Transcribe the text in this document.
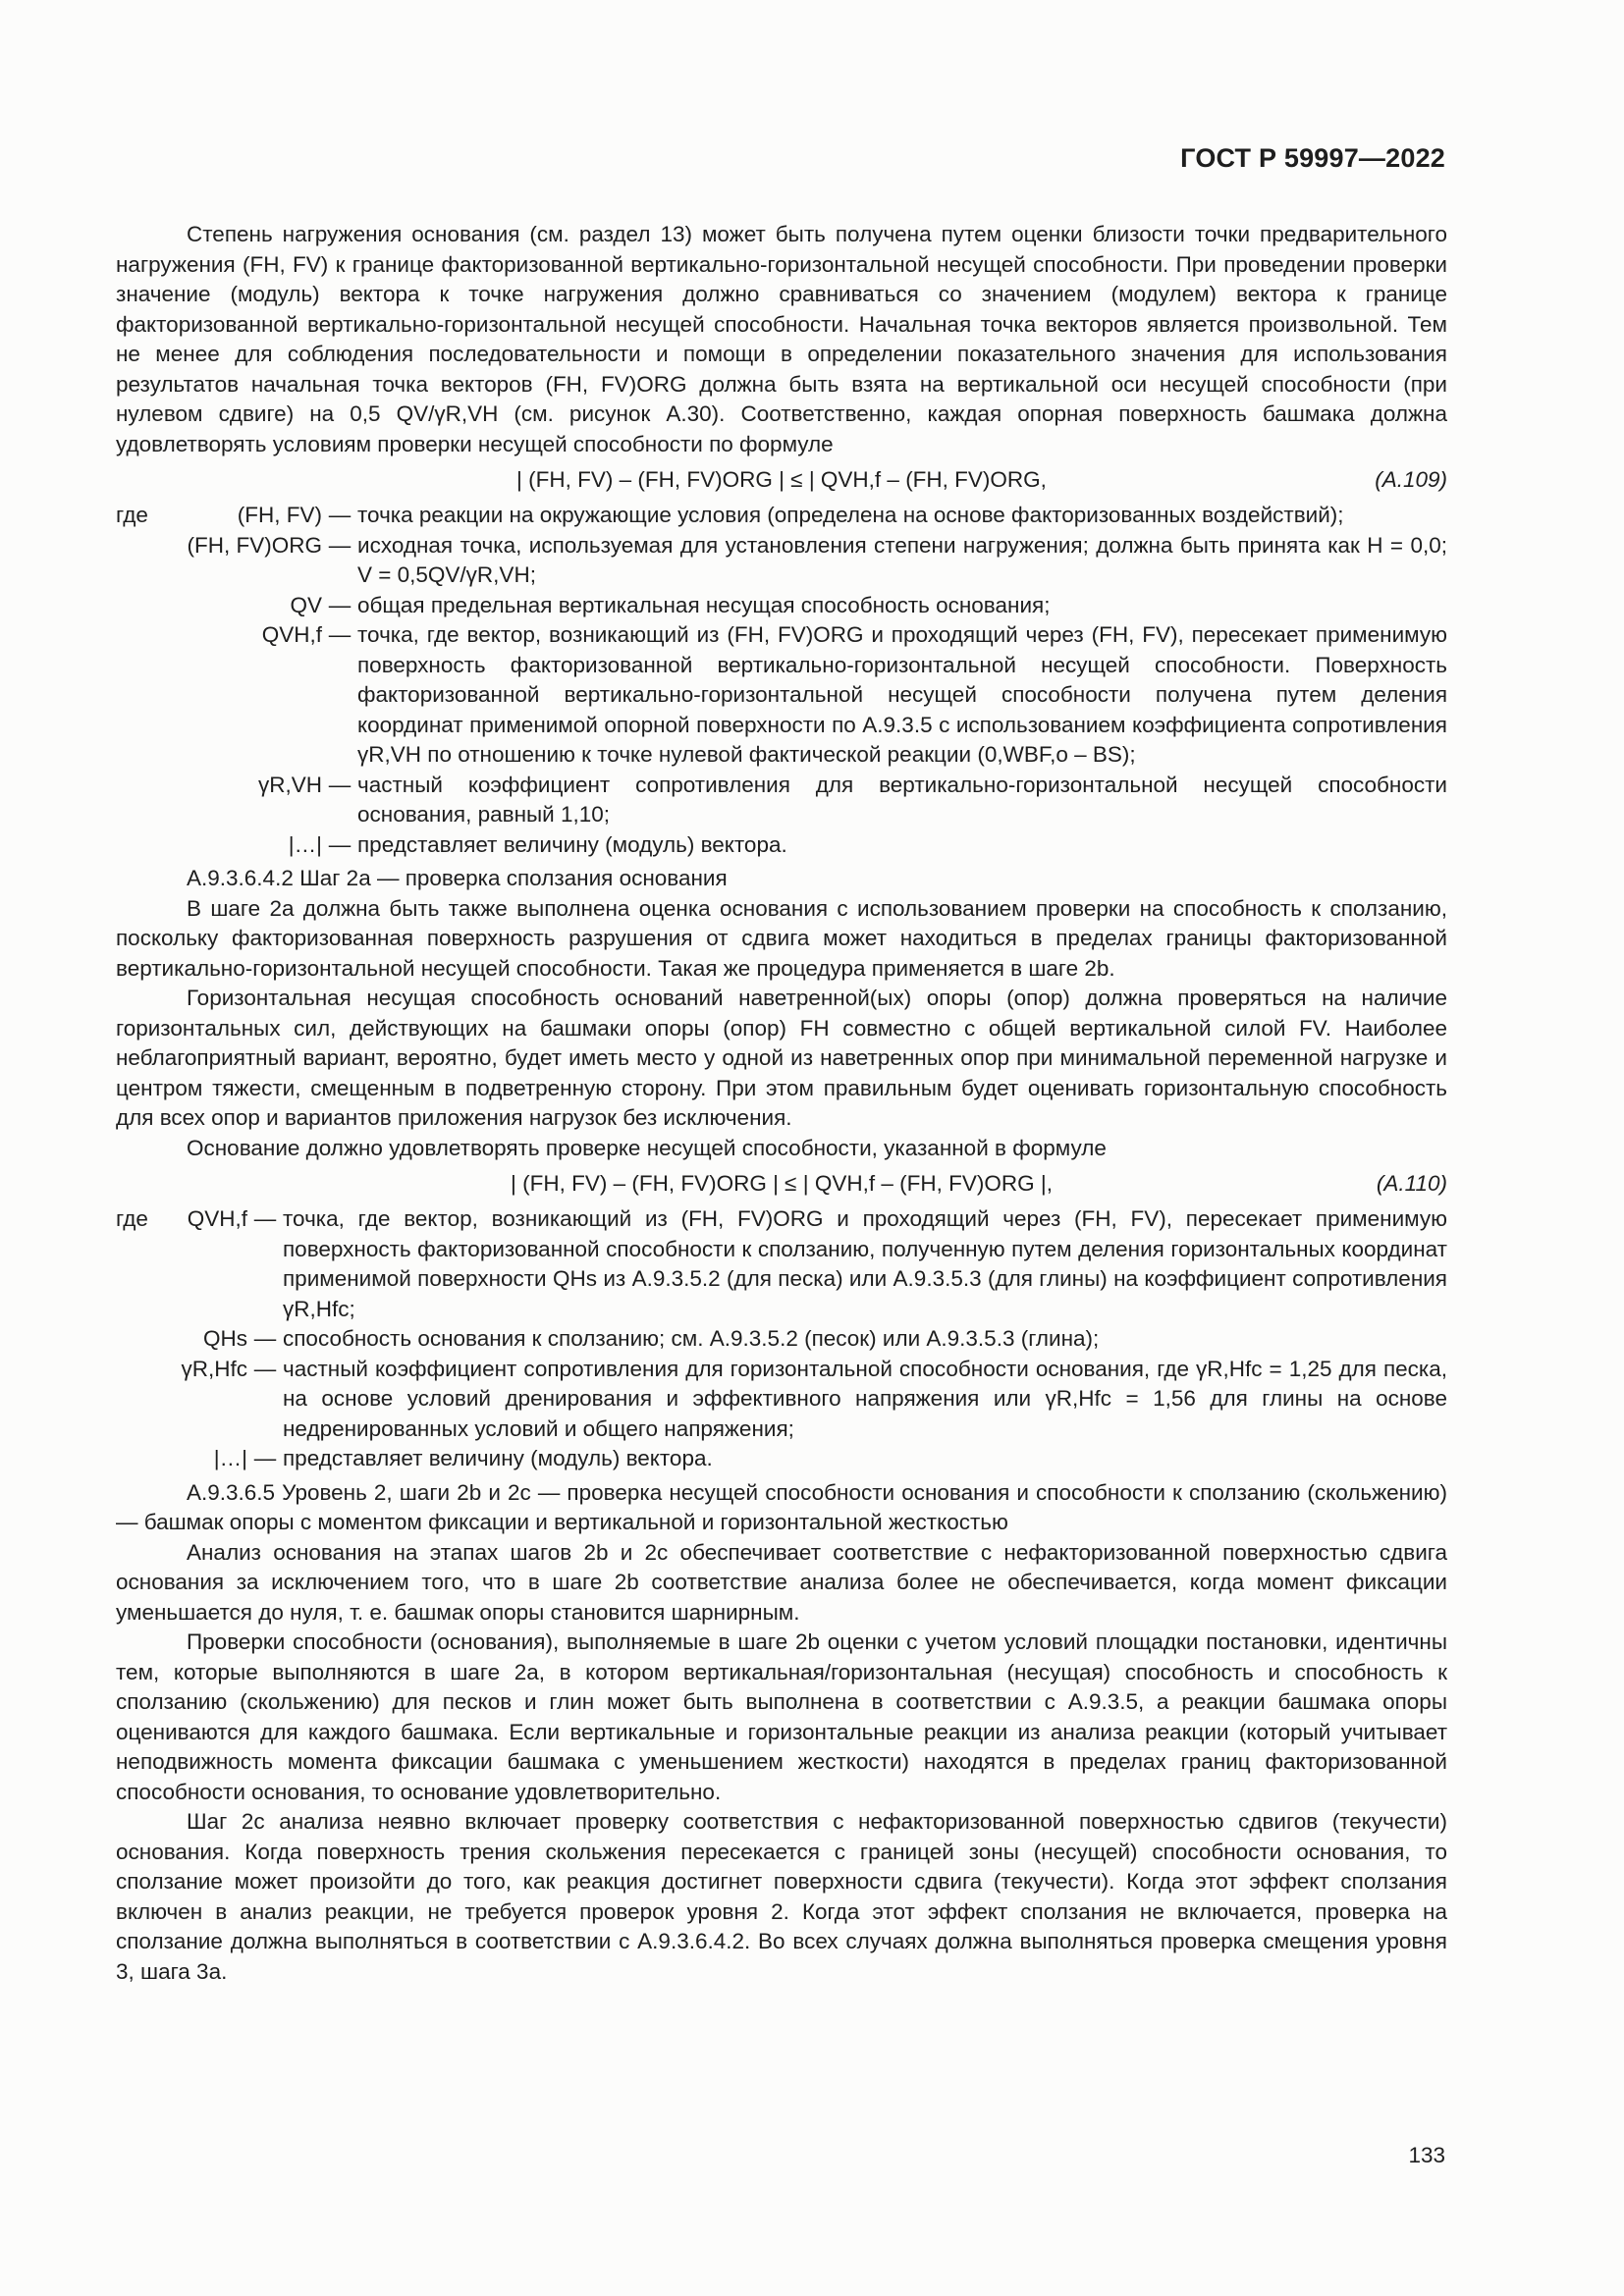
ГОСТ Р 59997—2022

Степень нагружения основания (см. раздел 13) может быть получена путем оценки близости точки предварительного нагружения (FH, FV) к границе факторизованной вертикально-горизонтальной несущей способности. При проведении проверки значение (модуль) вектора к точке нагружения должно сравниваться со значением (модулем) вектора к границе факторизованной вертикально-горизонтальной несущей способности. Начальная точка векторов является произвольной. Тем не менее для соблюдения последовательности и помощи в определении показательного значения для использования результатов начальная точка векторов (FH, FV)ORG должна быть взята на вертикальной оси несущей способности (при нулевом сдвиге) на 0,5 QV/γR,VH (см. рисунок А.30). Соответственно, каждая опорная поверхность башмака должна удовлетворять условиям проверки несущей способности по формуле

| (FH, FV) – (FH, FV)ORG | ≤ | QVH,f – (FH, FV)ORG,	(А.109)
где	(FH, FV) — точка реакции на окружающие условия (определена на основе факторизованных воздействий);
(FH, FV)ORG — исходная точка, используемая для установления степени нагружения; должна быть принята как H = 0,0; V = 0,5QV/γR,VH;
QV — общая предельная вертикальная несущая способность основания;
QVH,f — точка, где вектор, возникающий из (FH, FV)ORG и проходящий через (FH, FV), пересекает применимую поверхность факторизованной вертикально-горизонтальной несущей способности. Поверхность факторизованной вертикально-горизонтальной несущей способности получена путем деления координат применимой опорной поверхности по А.9.3.5 с использованием коэффициента сопротивления γR,VH по отношению к точке нулевой фактической реакции (0,WBF,o – BS);
γR,VH — частный коэффициент сопротивления для вертикально-горизонтальной несущей способности основания, равный 1,10;
|…| — представляет величину (модуль) вектора.

А.9.3.6.4.2 Шаг 2a — проверка сползания основания

В шаге 2a должна быть также выполнена оценка основания с использованием проверки на способность к сползанию, поскольку факторизованная поверхность разрушения от сдвига может находиться в пределах границы факторизованной вертикально-горизонтальной несущей способности. Такая же процедура применяется в шаге 2b.

Горизонтальная несущая способность оснований наветренной(ых) опоры (опор) должна проверяться на наличие горизонтальных сил, действующих на башмаки опоры (опор) FH совместно с общей вертикальной силой FV. Наиболее неблагоприятный вариант, вероятно, будет иметь место у одной из наветренных опор при минимальной переменной нагрузке и центром тяжести, смещенным в подветренную сторону. При этом правильным будет оценивать горизонтальную способность для всех опор и вариантов приложения нагрузок без исключения.

Основание должно удовлетворять проверке несущей способности, указанной в формуле

| (FH, FV) – (FH, FV)ORG | ≤ | QVH,f – (FH, FV)ORG |,	(А.110)
где	QVH,f — точка, где вектор, возникающий из (FH, FV)ORG и проходящий через (FH, FV), пересекает применимую поверхность факторизованной способности к сползанию, полученную путем деления горизонтальных координат применимой поверхности QHs из А.9.3.5.2 (для песка) или А.9.3.5.3 (для глины) на коэффициент сопротивления γR,Hfc;
QHs — способность основания к сползанию; см. А.9.3.5.2 (песок) или А.9.3.5.3 (глина);
γR,Hfc — частный коэффициент сопротивления для горизонтальной способности основания, где γR,Hfc = 1,25 для песка, на основе условий дренирования и эффективного напряжения или γR,Hfc = 1,56 для глины на основе недренированных условий и общего напряжения;
|…| — представляет величину (модуль) вектора.

А.9.3.6.5 Уровень 2, шаги 2b и 2c — проверка несущей способности основания и способности к сползанию (скольжению) — башмак опоры с моментом фиксации и вертикальной и горизонтальной жесткостью

Анализ основания на этапах шагов 2b и 2c обеспечивает соответствие с нефакторизованной поверхностью сдвига основания за исключением того, что в шаге 2b соответствие анализа более не обеспечивается, когда момент фиксации уменьшается до нуля, т. е. башмак опоры становится шарнирным.

Проверки способности (основания), выполняемые в шаге 2b оценки с учетом условий площадки постановки, идентичны тем, которые выполняются в шаге 2a, в котором вертикальная/горизонтальная (несущая) способность и способность к сползанию (скольжению) для песков и глин может быть выполнена в соответствии с А.9.3.5, а реакции башмака опоры оцениваются для каждого башмака. Если вертикальные и горизонтальные реакции из анализа реакции (который учитывает неподвижность момента фиксации башмака с уменьшением жесткости) находятся в пределах границ факторизованной способности основания, то основание удовлетворительно.

Шаг 2c анализа неявно включает проверку соответствия с нефакторизованной поверхностью сдвигов (текучести) основания. Когда поверхность трения скольжения пересекается с границей зоны (несущей) способности основания, то сползание может произойти до того, как реакция достигнет поверхности сдвига (текучести). Когда этот эффект сползания включен в анализ реакции, не требуется проверок уровня 2. Когда этот эффект сползания не включается, проверка на сползание должна выполняться в соответствии с А.9.3.6.4.2. Во всех случаях должна выполняться проверка смещения уровня 3, шага 3a.

133
